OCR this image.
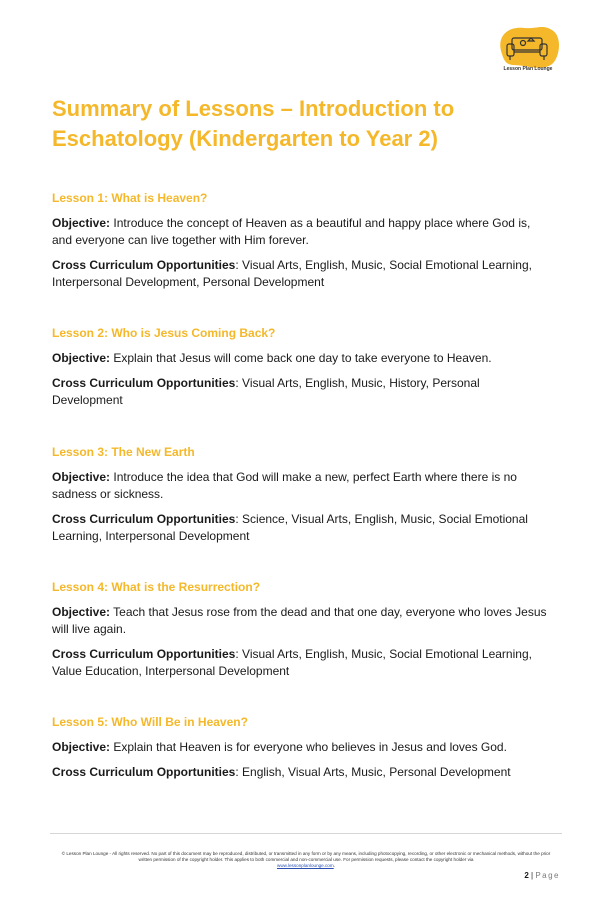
Lesson Plan Lounge
Summary of Lessons – Introduction to Eschatology (Kindergarten to Year 2)
Lesson 1: What is Heaven?

Objective: Introduce the concept of Heaven as a beautiful and happy place where God is, and everyone can live together with Him forever.

Cross Curriculum Opportunities: Visual Arts, English, Music, Social Emotional Learning, Interpersonal Development, Personal Development

Lesson 2: Who is Jesus Coming Back?

Objective: Explain that Jesus will come back one day to take everyone to Heaven.

Cross Curriculum Opportunities: Visual Arts, English, Music, History, Personal Development

Lesson 3: The New Earth

Objective: Introduce the idea that God will make a new, perfect Earth where there is no sadness or sickness.

Cross Curriculum Opportunities: Science, Visual Arts, English, Music, Social Emotional Learning, Interpersonal Development

Lesson 4: What is the Resurrection?

Objective: Teach that Jesus rose from the dead and that one day, everyone who loves Jesus will live again.

Cross Curriculum Opportunities: Visual Arts, English, Music, Social Emotional Learning, Value Education, Interpersonal Development

Lesson 5: Who Will Be in Heaven?

Objective: Explain that Heaven is for everyone who believes in Jesus and loves God.

Cross Curriculum Opportunities: English, Visual Arts, Music, Personal Development

© Lesson Plan Lounge - All rights reserved. No part of this document may be reproduced, distributed, or transmitted in any form or by any means, including photocopying, recording, or other electronic or mechanical methods, without the prior written permission of the copyright holder. This applies to both commercial and non-commercial use. For permission requests, please contact the copyright holder via
www.lessonplanlounge.com.
2 | Page
